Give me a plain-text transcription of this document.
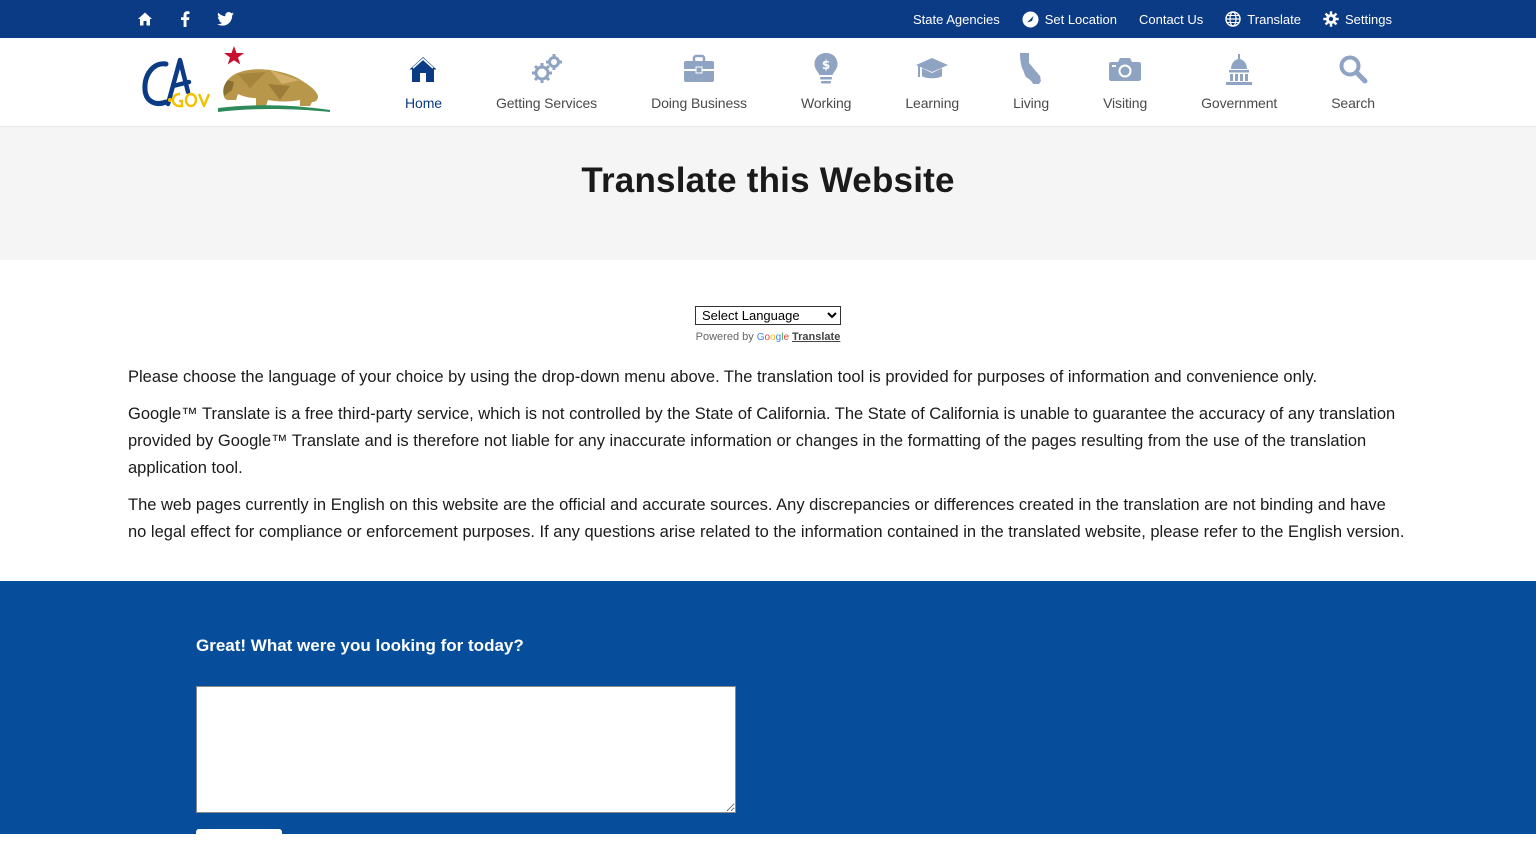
State Agencies	Set Location Contact Us	Translate	Settings
Home	Getting Services	Doing Business
$
Working	Learning	Living	Visiting	Government	Search
Translate this Website
Select Language
Powered by Google Translate

Please choose the language of your choice by using the drop-down menu above. The translation tool is provided for purposes of information and convenience only.

Google™ Translate is a free third-party service, which is not controlled by the State of California. The State of California is unable to guarantee the accuracy of any translation provided by Google™ Translate and is therefore not liable for any inaccurate information or changes in the formatting of the pages resulting from the use of the translation application tool.

The web pages currently in English on this website are the official and accurate sources. Any discrepancies or differences created in the translation are not binding and have no legal effect for compliance or enforcement purposes. If any questions arise related to the information contained in the translated website, please refer to the English version.

Great! What were you looking for today?
